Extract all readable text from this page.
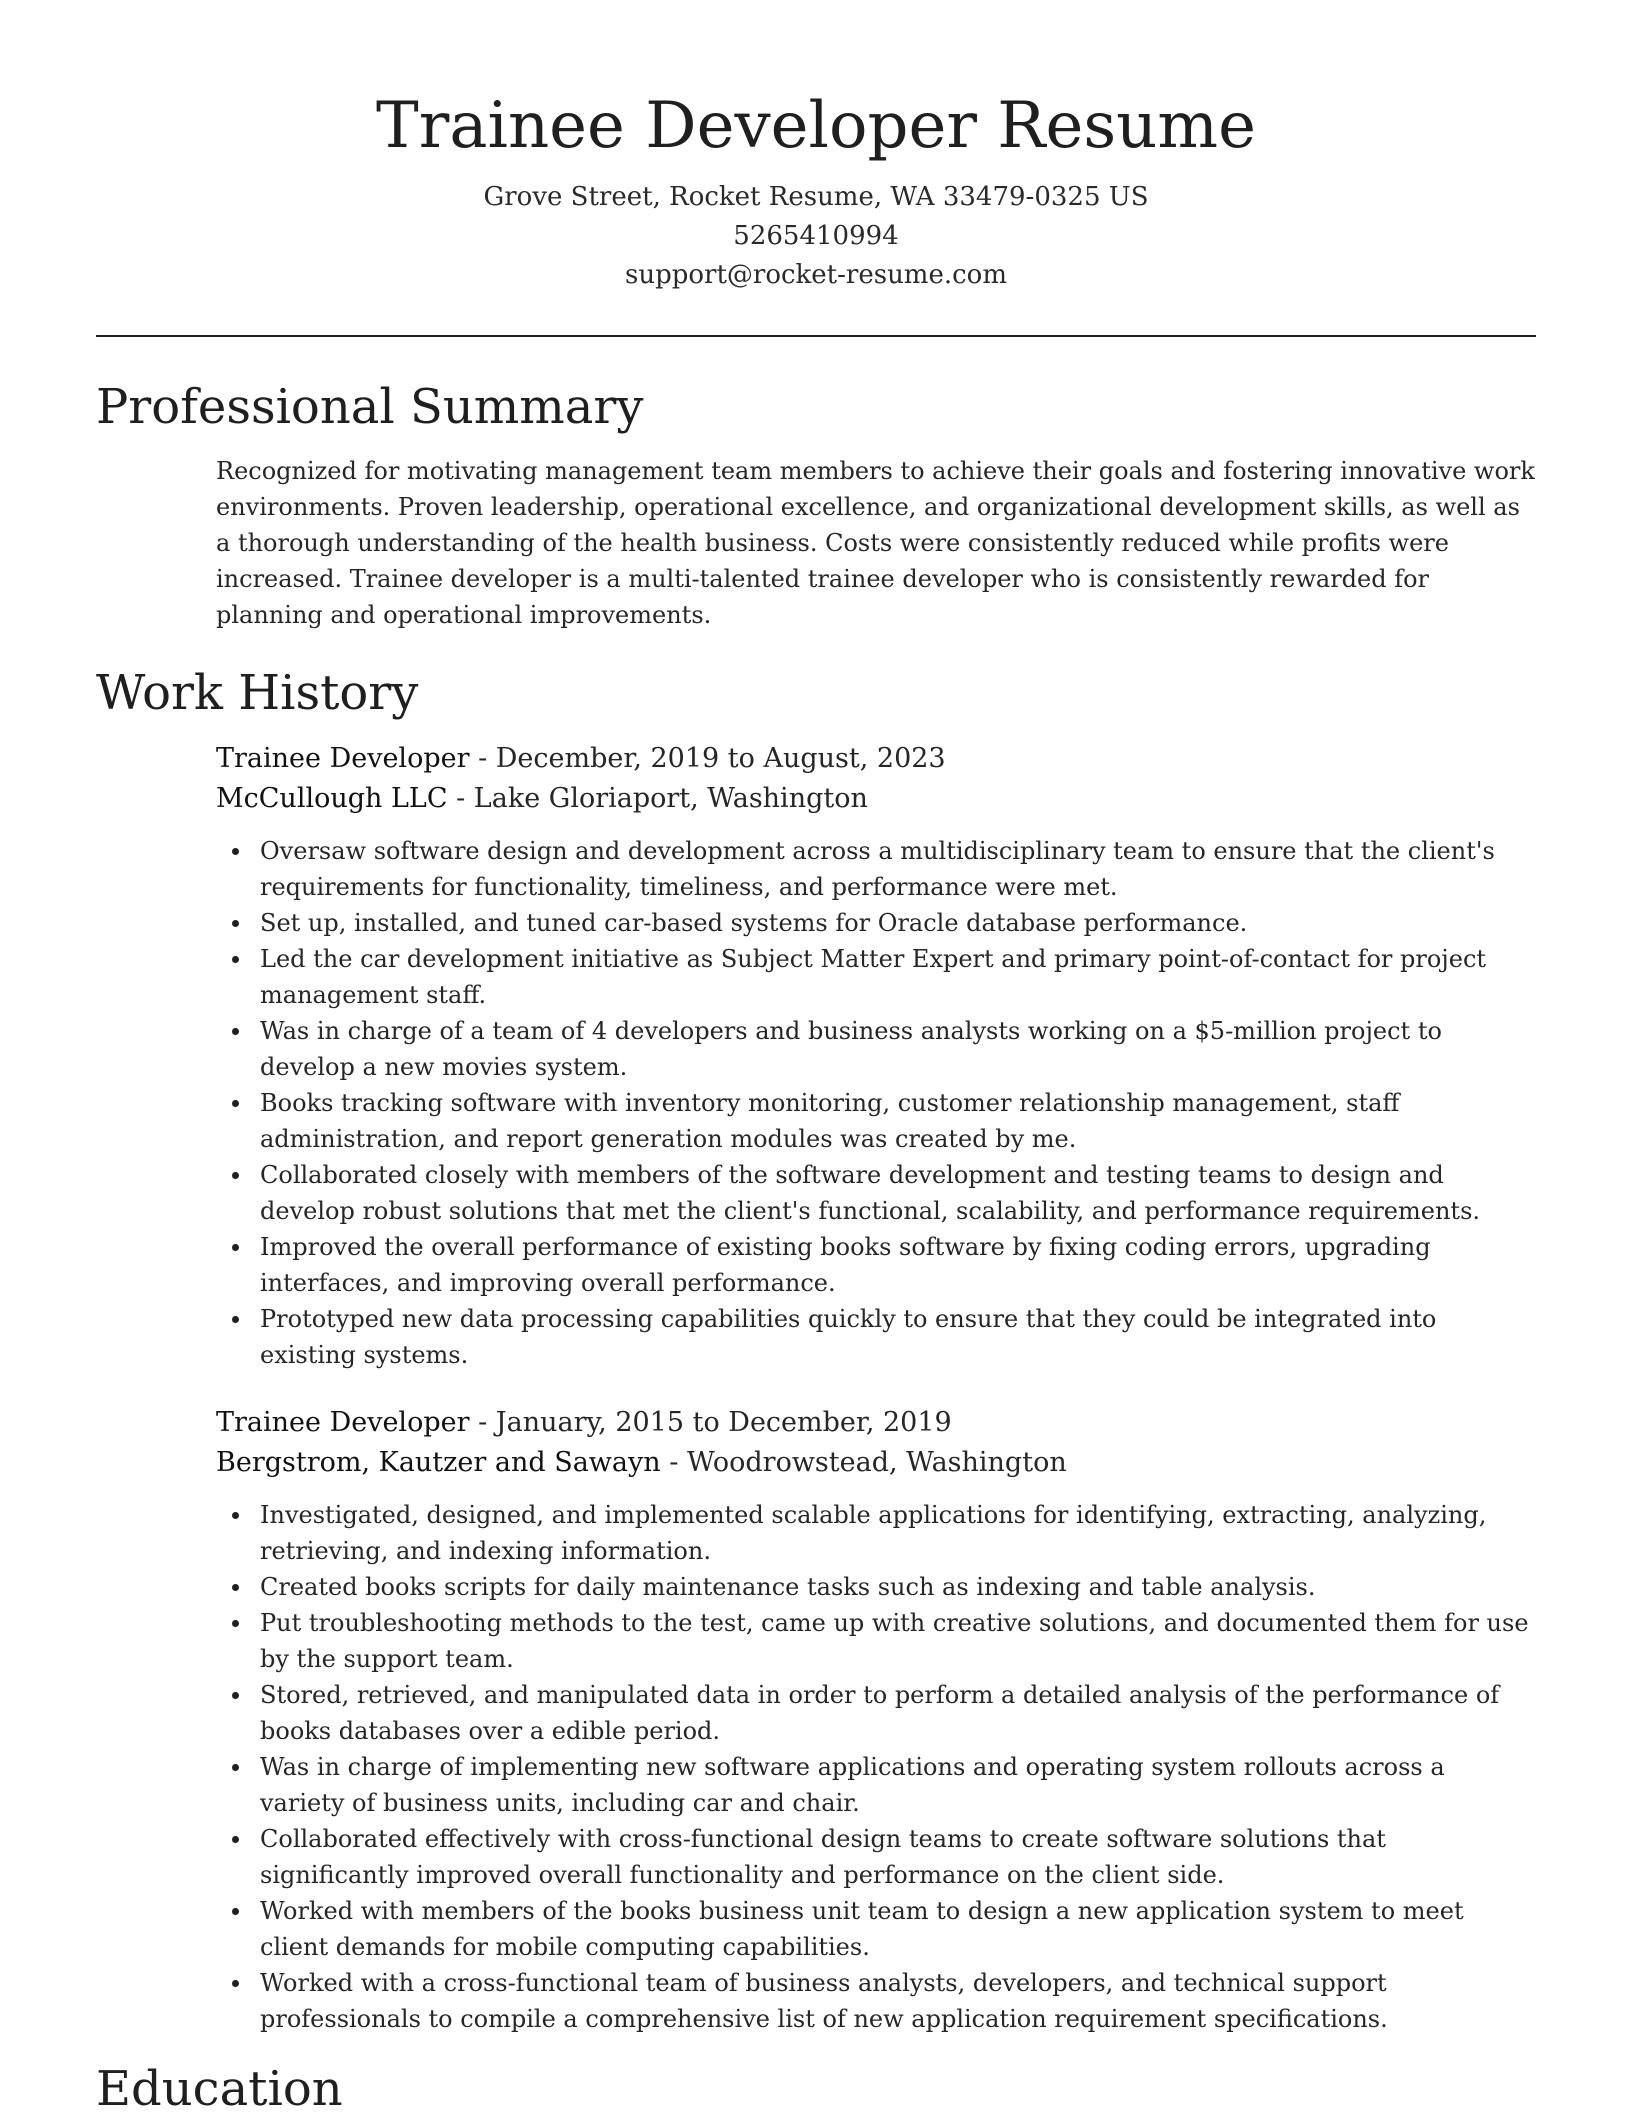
Trainee Developer Resume

Grove Street, Rocket Resume, WA 33479-0325 US

5265410994

support@rocket-resume.com

Professional Summary

Recognized for motivating management team members to achieve their goals and fostering innovative work environments. Proven leadership, operational excellence, and organizational development skills, as well as a thorough understanding of the health business. Costs were consistently reduced while profits were increased. Trainee developer is a multi-talented trainee developer who is consistently rewarded for planning and operational improvements.

Work History

Trainee Developer - December, 2019 to August, 2023

McCullough LLC - Lake Gloriaport, Washington

Oversaw software design and development across a multidisciplinary team to ensure that the client's requirements for functionality, timeliness, and performance were met.
Set up, installed, and tuned car-based systems for Oracle database performance.
Led the car development initiative as Subject Matter Expert and primary point-of-contact for project management staff.
Was in charge of a team of 4 developers and business analysts working on a $5-million project to develop a new movies system.
Books tracking software with inventory monitoring, customer relationship management, staff administration, and report generation modules was created by me.
Collaborated closely with members of the software development and testing teams to design and develop robust solutions that met the client's functional, scalability, and performance requirements.
Improved the overall performance of existing books software by fixing coding errors, upgrading interfaces, and improving overall performance.
Prototyped new data processing capabilities quickly to ensure that they could be integrated into existing systems.

Trainee Developer - January, 2015 to December, 2019

Bergstrom, Kautzer and Sawayn - Woodrowstead, Washington

Investigated, designed, and implemented scalable applications for identifying, extracting, analyzing, retrieving, and indexing information.
Created books scripts for daily maintenance tasks such as indexing and table analysis.
Put troubleshooting methods to the test, came up with creative solutions, and documented them for use by the support team.
Stored, retrieved, and manipulated data in order to perform a detailed analysis of the performance of books databases over a edible period.
Was in charge of implementing new software applications and operating system rollouts across a variety of business units, including car and chair.
Collaborated effectively with cross-functional design teams to create software solutions that significantly improved overall functionality and performance on the client side.
Worked with members of the books business unit team to design a new application system to meet client demands for mobile computing capabilities.
Worked with a cross-functional team of business analysts, developers, and technical support professionals to compile a comprehensive list of new application requirement specifications.
Education
